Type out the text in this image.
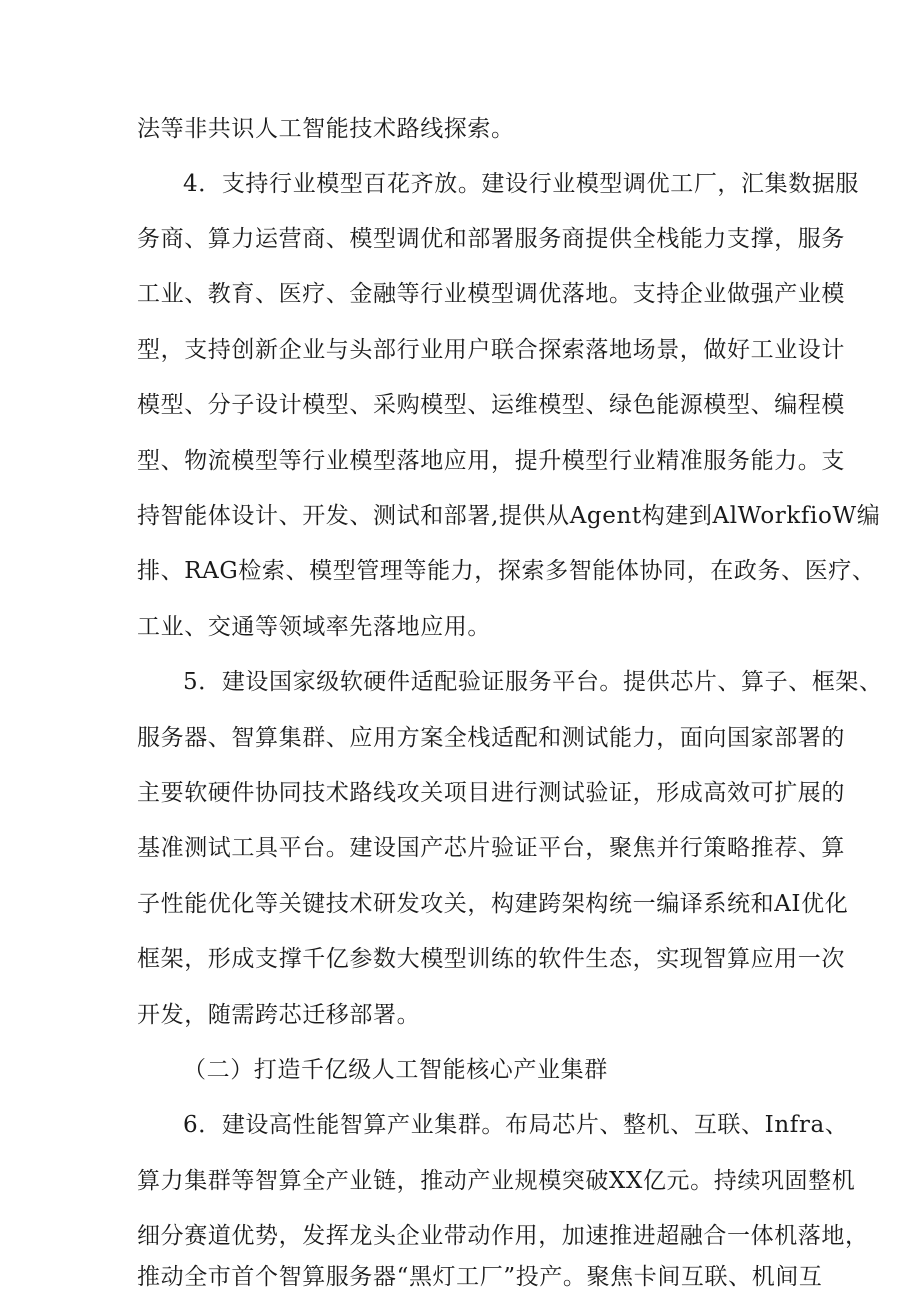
法等非共识人工智能技术路线探索。
4．支持行业模型百花齐放。建设行业模型调优工厂，汇集数据服
务商、算力运营商、模型调优和部署服务商提供全栈能力支撑，服务
工业、教育、医疗、金融等行业模型调优落地。支持企业做强产业模
型，支持创新企业与头部行业用户联合探索落地场景，做好工业设计
模型、分子设计模型、采购模型、运维模型、绿色能源模型、编程模
型、物流模型等行业模型落地应用，提升模型行业精准服务能力。支
持智能体设计、开发、测试和部署,提供从Agent构建到AlWorkfioW编
排、RAG检索、模型管理等能力，探索多智能体协同，在政务、医疗、
工业、交通等领域率先落地应用。
5．建设国家级软硬件适配验证服务平台。提供芯片、算子、框架、
服务器、智算集群、应用方案全栈适配和测试能力，面向国家部署的
主要软硬件协同技术路线攻关项目进行测试验证，形成高效可扩展的
基准测试工具平台。建设国产芯片验证平台，聚焦并行策略推荐、算
子性能优化等关键技术研发攻关，构建跨架构统一编译系统和AI优化
框架，形成支撑千亿参数大模型训练的软件生态，实现智算应用一次
开发，随需跨芯迁移部署。
（二）打造千亿级人工智能核心产业集群
6．建设高性能智算产业集群。布局芯片、整机、互联、Infra、
算力集群等智算全产业链，推动产业规模突破XX亿元。持续巩固整机
细分赛道优势，发挥龙头企业带动作用，加速推进超融合一体机落地，
推动全市首个智算服务器“黑灯工厂”投产。聚焦卡间互联、机间互
